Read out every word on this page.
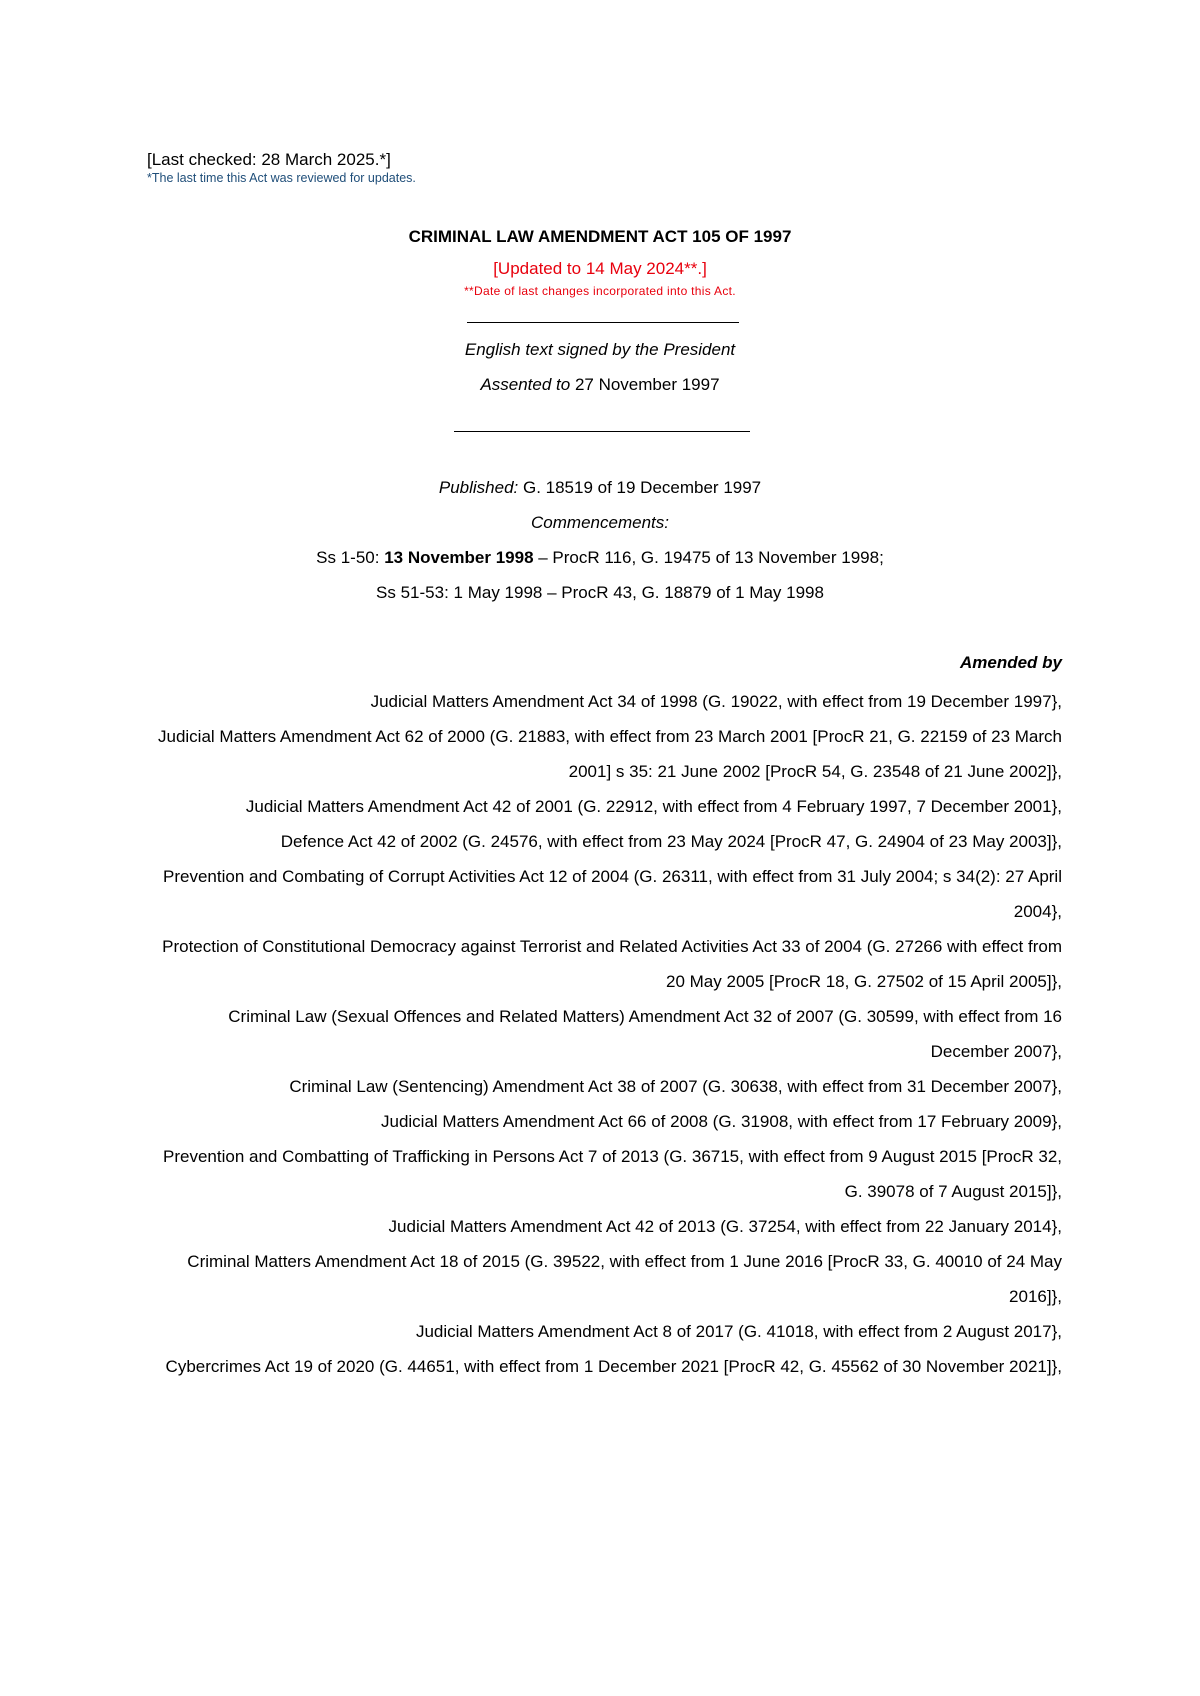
[Last checked: 28 March 2025.*]
*The last time this Act was reviewed for updates.
CRIMINAL LAW AMENDMENT ACT 105 OF 1997
[Updated to 14 May 2024**.]
**Date of last changes incorporated into this Act.
English text signed by the President
Assented to 27 November 1997
Published: G. 18519 of 19 December 1997
Commencements:
Ss 1-50: 13 November 1998 – ProcR 116, G. 19475 of 13 November 1998;
Ss 51-53: 1 May 1998 – ProcR 43, G. 18879 of 1 May 1998
Amended by

Judicial Matters Amendment Act 34 of 1998 (G. 19022, with effect from 19 December 1997},

Judicial Matters Amendment Act 62 of 2000 (G. 21883, with effect from 23 March 2001 [ProcR 21, G. 22159 of 23 March 2001] s 35: 21 June 2002 [ProcR 54, G. 23548 of 21 June 2002]},

Judicial Matters Amendment Act 42 of 2001 (G. 22912, with effect from 4 February 1997, 7 December 2001},

Defence Act 42 of 2002 (G. 24576, with effect from 23 May 2024 [ProcR 47, G. 24904 of 23 May 2003]},

Prevention and Combating of Corrupt Activities Act 12 of 2004 (G. 26311, with effect from 31 July 2004; s 34(2): 27 April 2004},

Protection of Constitutional Democracy against Terrorist and Related Activities Act 33 of 2004 (G. 27266 with effect from 20 May 2005 [ProcR 18, G. 27502 of 15 April 2005]},

Criminal Law (Sexual Offences and Related Matters) Amendment Act 32 of 2007 (G. 30599, with effect from 16 December 2007},

Criminal Law (Sentencing) Amendment Act 38 of 2007 (G. 30638, with effect from 31 December 2007},

Judicial Matters Amendment Act 66 of 2008 (G. 31908, with effect from 17 February 2009},

Prevention and Combatting of Trafficking in Persons Act 7 of 2013 (G. 36715, with effect from 9 August 2015 [ProcR 32, G. 39078 of 7 August 2015]},

Judicial Matters Amendment Act 42 of 2013 (G. 37254, with effect from 22 January 2014},

Criminal Matters Amendment Act 18 of 2015 (G. 39522, with effect from 1 June 2016 [ProcR 33, G. 40010 of 24 May 2016]},

Judicial Matters Amendment Act 8 of 2017 (G. 41018, with effect from 2 August 2017},

Cybercrimes Act 19 of 2020 (G. 44651, with effect from 1 December 2021 [ProcR 42, G. 45562 of 30 November 2021]},
